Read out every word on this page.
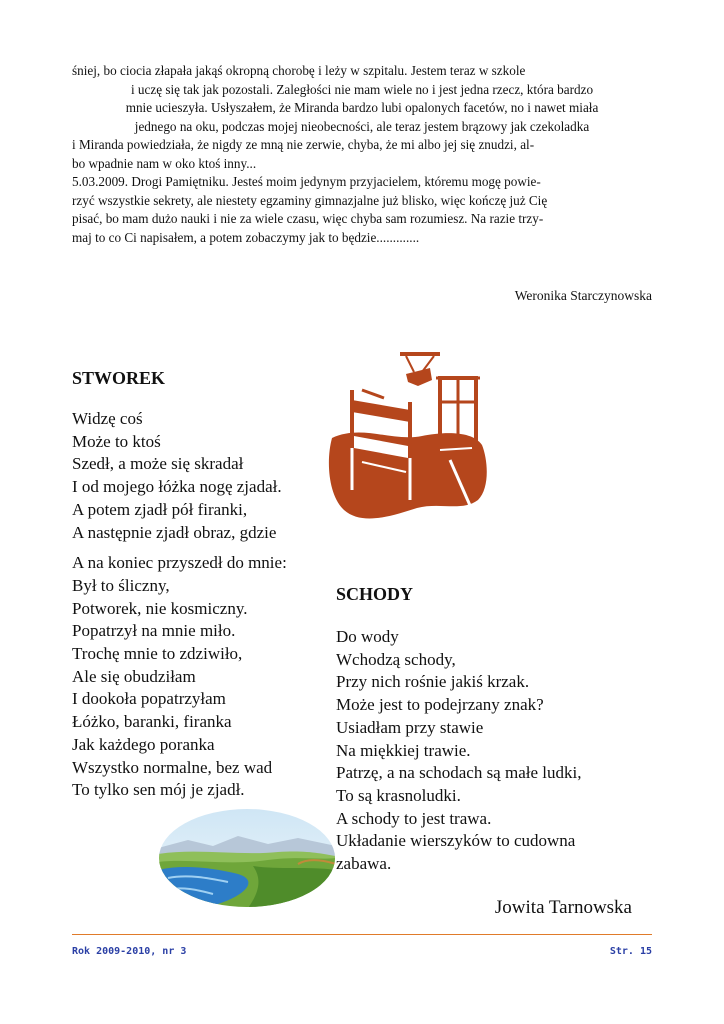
śniej, bo ciocia złapała jakąś okropną chorobę i leży w szpitalu. Jestem teraz w szkole
i uczę się tak jak pozostali. Zaległości nie mam wiele no i jest jedna rzecz, która bardzo
mnie ucieszyła. Usłyszałem, że Miranda bardzo lubi opalonych facetów, no i nawet miała
jednego na oku, podczas mojej nieobecności, ale teraz jestem brązowy jak czekoladka
i Miranda powiedziała, że nigdy ze mną nie zerwie, chyba, że mi albo jej się znudzi, al-
bo wpadnie nam w oko ktoś inny...
5.03.2009. Drogi Pamiętniku. Jesteś moim jedynym przyjacielem, któremu mogę powie-
rzyć wszystkie sekrety, ale niestety egzaminy gimnazjalne już blisko, więc kończę już Cię
pisać, bo mam dużo nauki i nie za wiele czasu, więc chyba sam rozumiesz. Na razie trzy-
maj to co Ci napisałem, a potem zobaczymy jak to będzie.............
Weronika Starczynowska
STWOREK
Widzę coś
Może to ktoś
Szedł, a może się skradał
I od mojego łóżka nogę zjadał.
A potem zjadł pół firanki,
A następnie zjadł obraz, gdzie
A na koniec przyszedł do mnie:
Był to śliczny,
Potworek, nie kosmiczny.
Popatrzył na mnie miło.
Trochę mnie to zdziwiło,
Ale się obudziłam
I dookoła popatrzyłam
Łóżko, baranki, firanka
Jak każdego poranka
Wszystko normalne, bez wad
To tylko sen mój je zjadł.
SCHODY
Do wody
Wchodzą schody,
Przy nich rośnie jakiś krzak.
Może jest to podejrzany znak?
Usiadłam przy stawie
Na miękkiej trawie.
Patrzę, a na schodach są małe ludki,
To są krasnoludki.
A schody to jest trawa.
Układanie wierszyków to cudowna
zabawa.
Jowita Tarnowska
Rok 2009-2010, nr 3	Str. 15
